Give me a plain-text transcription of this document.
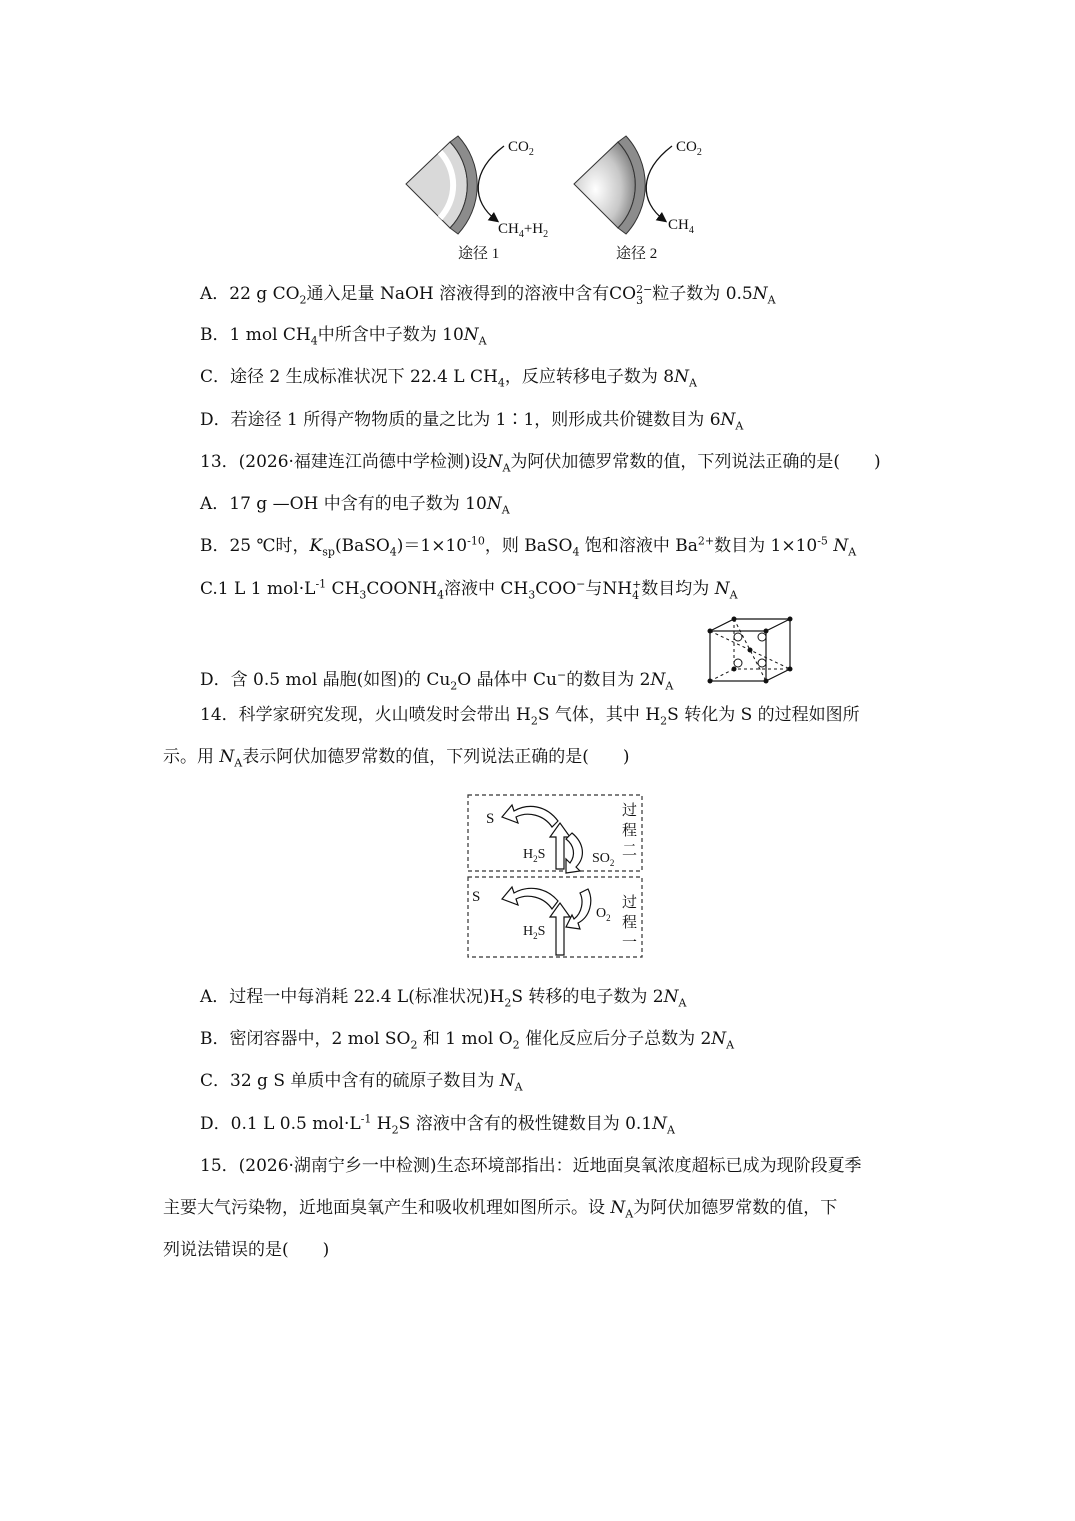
$CO_2$
$CH_4+H_2$
途径 1
$CO_2$
$CH_4$
途径 2
A．22 g $CO_2$通入足量 NaOH 溶液得到的溶液中含有CO 2−
3 粒子数为 $0.5N_A$
B．1 mol $CH_4$中所含中子数为 $10N_A$
C．途径 2 生成标准状况下 22.4 L $CH_4$，反应转移电子数为 $8N_A$
D．若途径 1 所得产物物质的量之比为 1∶1，则形成共价键数目为 $6N_A$
13．(2026·福建连江尚德中学检测)设$N_A$为阿伏加德罗常数的值，下列说法正确的是(　　)
A．17 g —OH 中含有的电子数为 $10N_A$
B．25 ℃时，$K_{sp}(BaSO_4)=1\times 10^{-10}$，则 BaSO$_4$ 饱和溶液中 $Ba^{2+}$数目为 $1\times 10^{-5}$ $N_A$
C.1 L 1 $mol\cdot L^{-1}$ $CH_3COONH_4$溶液中 $CH_3COO^-$与NH +
4 数目均为 $N_A$
D．含 0.5 mol 晶胞(如图)的 $Cu_2O$ 晶体中 Cu−的数目为 $2N_A$
14．科学家研究发现，火山喷发时会带出 $H_2S$ 气体，其中 $H_2S$ 转化为 S 的过程如图所
示。用 $N_A$表示阿伏加德罗常数的值，下列说法正确的是(　　)
S
$H_2S$	$SO_2$
过
程
二
S
$H_2S$
$O_2$
过
程
一
A．过程一中每消耗 22.4 L(标准状况)$H_2S$ 转移的电子数为 $2N_A$
B．密闭容器中，2 mol $SO_2$ 和 1 mol $O_2$ 催化反应后分子总数为 $2N_A$
C．32 g S 单质中含有的硫原子数目为 $N_A$
D．0.1 L 0.5 $mol\cdot L^{-1}$ $H_2S$ 溶液中含有的极性键数目为 $0.1N_A$
15．(2026·湖南宁乡一中检测)生态环境部指出：近地面臭氧浓度超标已成为现阶段夏季
主要大气污染物，近地面臭氧产生和吸收机理如图所示。设 $N_A$为阿伏加德罗常数的值，下
列说法错误的是(　　)
